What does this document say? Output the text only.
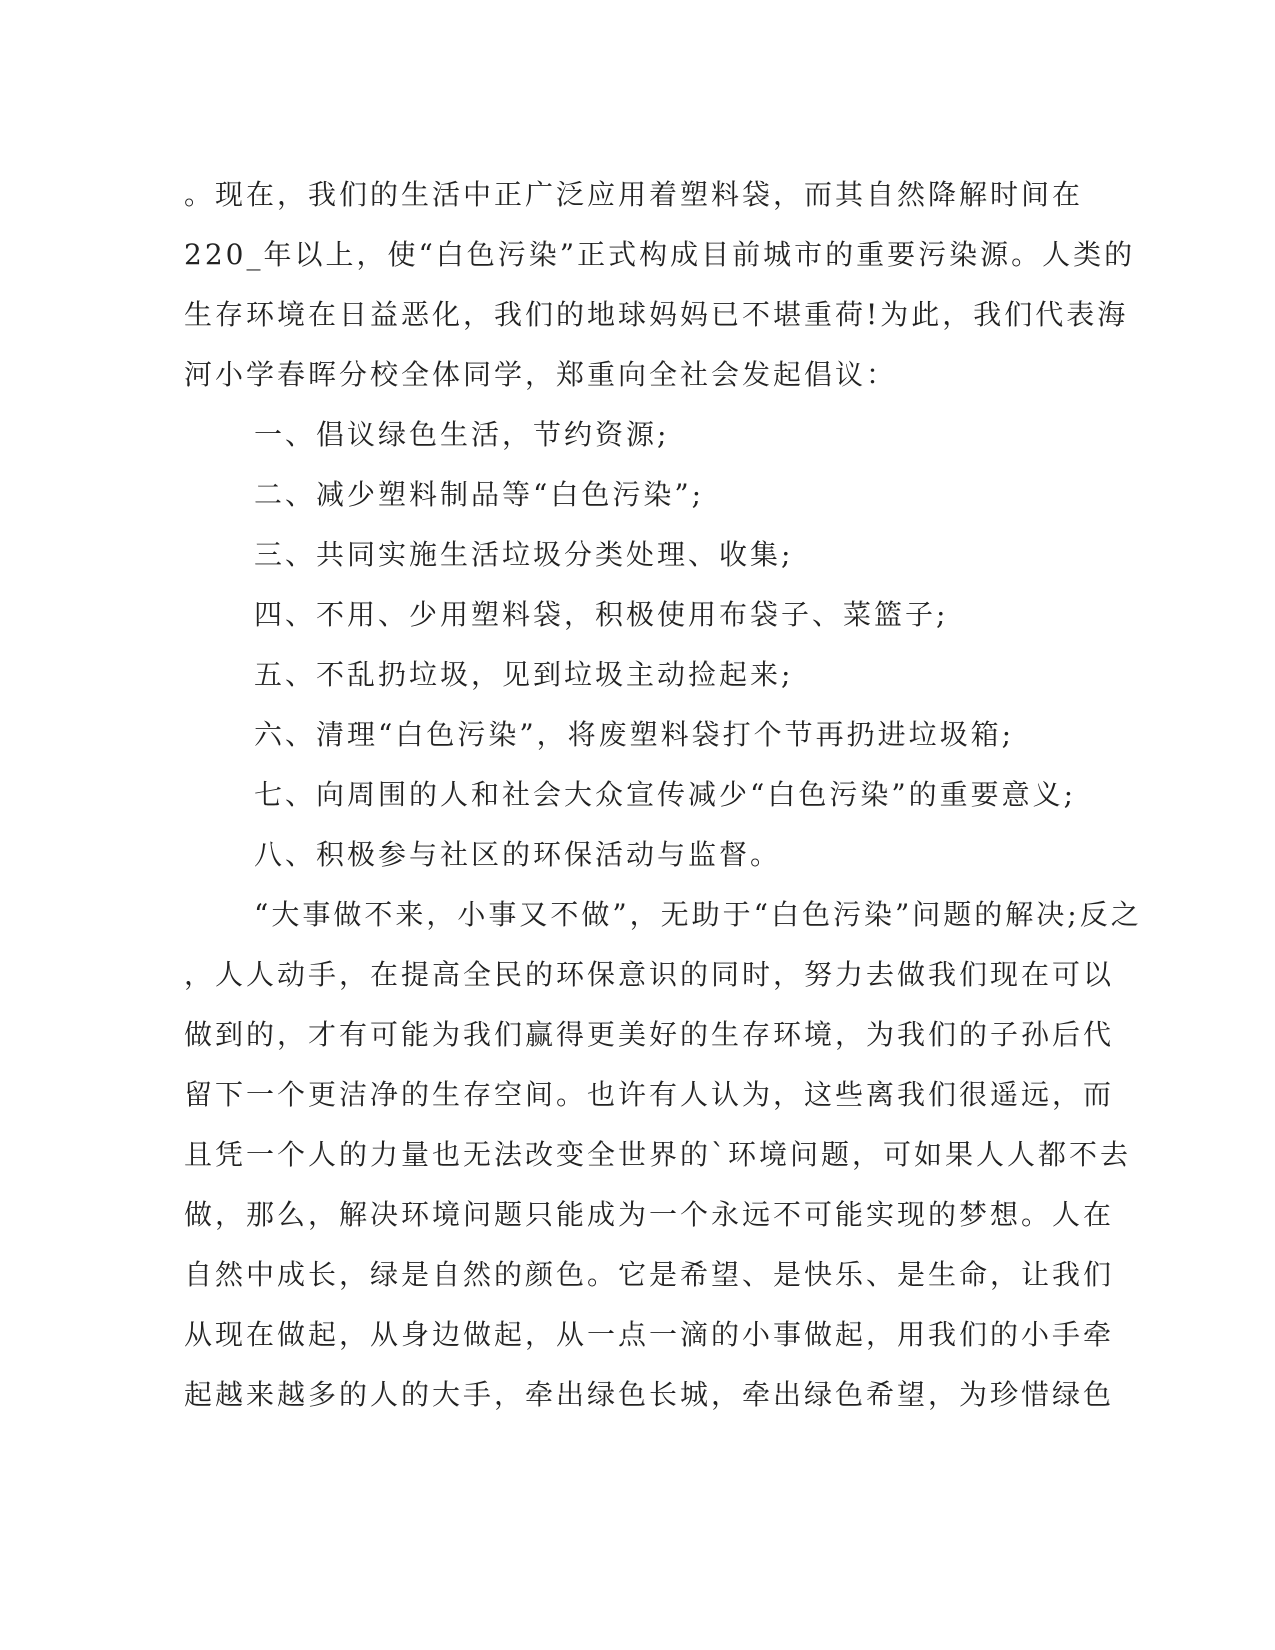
。现在，我们的生活中正广泛应用着塑料袋，而其自然降解时间在
220_年以上，使“白色污染”正式构成目前城市的重要污染源。人类的
生存环境在日益恶化，我们的地球妈妈已不堪重荷!为此，我们代表海
河小学春晖分校全体同学，郑重向全社会发起倡议：
一、倡议绿色生活，节约资源;
二、减少塑料制品等“白色污染”;
三、共同实施生活垃圾分类处理、收集;
四、不用、少用塑料袋，积极使用布袋子、菜篮子;
五、不乱扔垃圾，见到垃圾主动捡起来;
六、清理“白色污染”，将废塑料袋打个节再扔进垃圾箱;
七、向周围的人和社会大众宣传减少“白色污染”的重要意义;
八、积极参与社区的环保活动与监督。
“大事做不来，小事又不做”，无助于“白色污染”问题的解决;反之
，人人动手，在提高全民的环保意识的同时，努力去做我们现在可以
做到的，才有可能为我们赢得更美好的生存环境，为我们的子孙后代
留下一个更洁净的生存空间。也许有人认为，这些离我们很遥远，而
且凭一个人的力量也无法改变全世界的`环境问题，可如果人人都不去
做，那么，解决环境问题只能成为一个永远不可能实现的梦想。人在
自然中成长，绿是自然的颜色。它是希望、是快乐、是生命，让我们
从现在做起，从身边做起，从一点一滴的小事做起，用我们的小手牵
起越来越多的人的大手，牵出绿色长城，牵出绿色希望，为珍惜绿色
